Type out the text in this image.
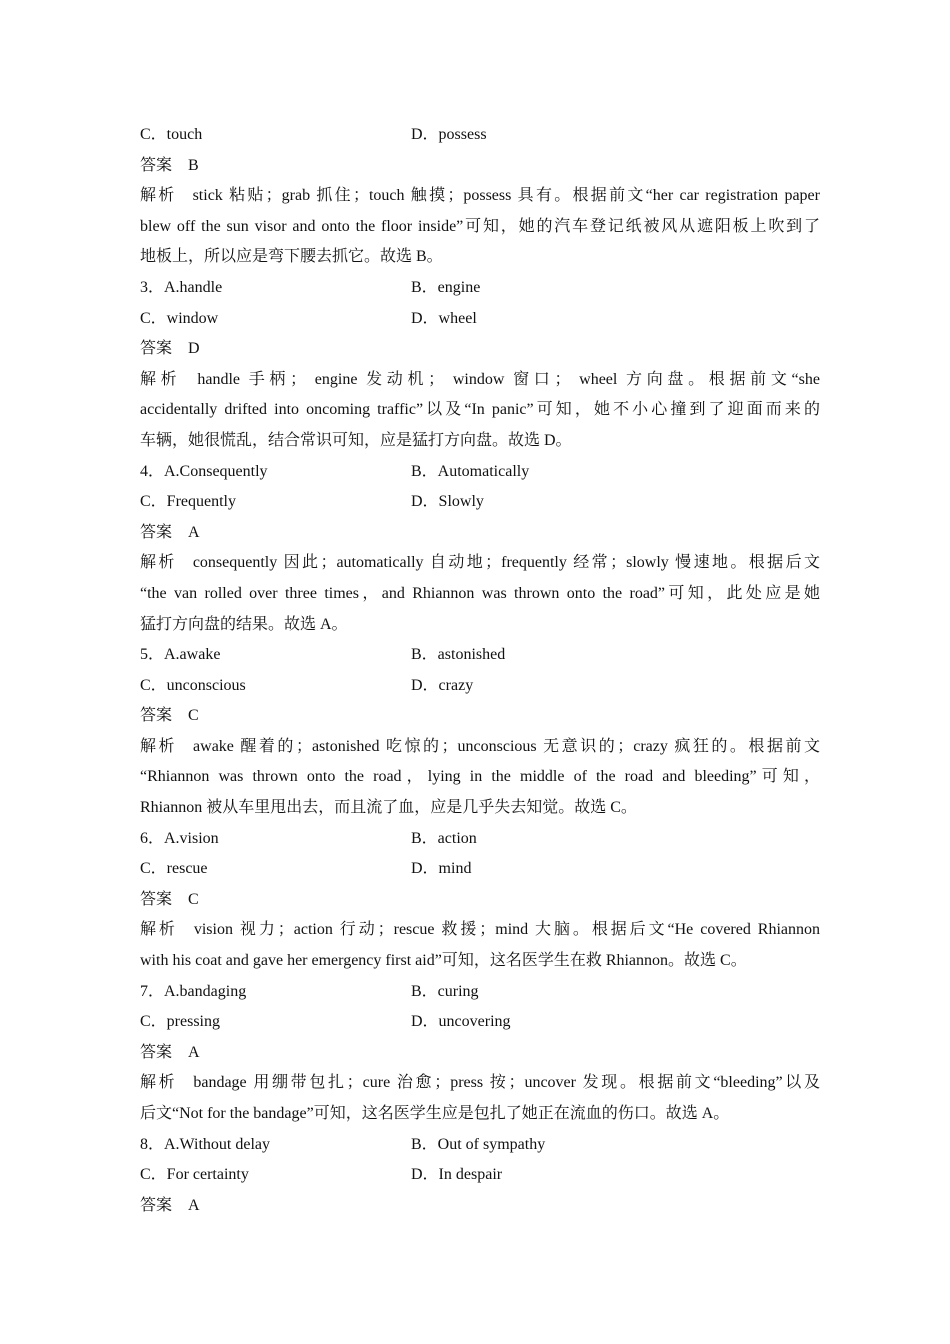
C．touch	D．possess
答案 B
解析 stick 粘贴；grab 抓住；touch 触摸；possess 具有。根据前文“her car registration paper
blew off the sun visor and onto the floor inside”可知，她的汽车登记纸被风从遮阳板上吹到了
地板上，所以应是弯下腰去抓它。故选 B。
3．A.handle	B．engine
C．window	D．wheel
答案 D
解析 handle 手柄； engine 发动机； window 窗口； wheel 方向盘。根据前文“she
accidentally drifted into oncoming traffic”以及“In panic”可知，她不小心撞到了迎面而来的
车辆，她很慌乱，结合常识可知，应是猛打方向盘。故选 D。
4．A.Consequently	B．Automatically
C．Frequently	D．Slowly
答案 A
解析 consequently 因此；automatically 自动地；frequently 经常；slowly 慢速地。根据后文
“the van rolled over three times，and Rhiannon was thrown onto the road”可知，此处应是她
猛打方向盘的结果。故选 A。
5．A.awake	B．astonished
C．unconscious	D．crazy
答案 C
解析 awake 醒着的；astonished 吃惊的；unconscious 无意识的；crazy 疯狂的。根据前文
“Rhiannon was thrown onto the road，lying in the middle of the road and bleeding”可知，
Rhiannon 被从车里甩出去，而且流了血，应是几乎失去知觉。故选 C。
6．A.vision	B．action
C．rescue	D．mind
答案 C
解析 vision 视力；action 行动；rescue 救援；mind 大脑。根据后文“He covered Rhiannon
with his coat and gave her emergency first aid”可知，这名医学生在救 Rhiannon。故选 C。
7．A.bandaging	B．curing
C．pressing	D．uncovering
答案 A
解析 bandage 用绷带包扎；cure 治愈；press 按；uncover 发现。根据前文“bleeding”以及
后文“Not for the bandage”可知，这名医学生应是包扎了她正在流血的伤口。故选 A。
8．A.Without delay	B．Out of sympathy
C．For certainty	D．In despair
答案 A
